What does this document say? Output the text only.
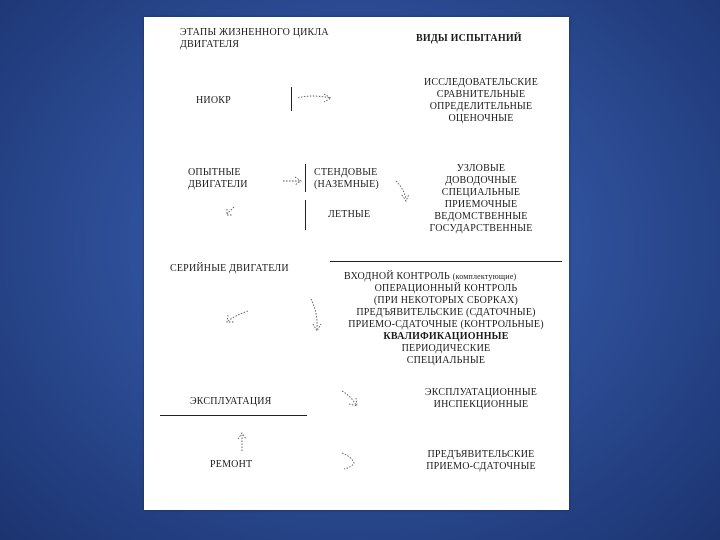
ЭТАПЫ ЖИЗНЕННОГО ЦИКЛА
ДВИГАТЕЛЯ
ВИДЫ ИСПЫТАНИЙ
НИОКР
ИССЛЕДОВАТЕЛЬСКИЕ
СРАВНИТЕЛЬНЫЕ
ОПРЕДЕЛИТЕЛЬНЫЕ
ОЦЕНОЧНЫЕ
ОПЫТНЫЕ
ДВИГАТЕЛИ
СТЕНДОВЫЕ
(НАЗЕМНЫЕ)
ЛЕТНЫЕ
УЗЛОВЫЕ
ДОВОДОЧНЫЕ
СПЕЦИАЛЬНЫЕ
ПРИЕМОЧНЫЕ
ВЕДОМСТВЕННЫЕ
ГОСУДАРСТВЕННЫЕ
СЕРИЙНЫЕ ДВИГАТЕЛИ
ВХОДНОЙ КОНТРОЛЬ (комплектующие)
ОПЕРАЦИОННЫЙ КОНТРОЛЬ
(ПРИ НЕКОТОРЫХ СБОРКАХ)
ПРЕДЪЯВИТЕЛЬСКИЕ (СДАТОЧНЫЕ)
ПРИЕМО-СДАТОЧНЫЕ (КОНТРОЛЬНЫЕ)
КВАЛИФИКАЦИОННЫЕ
ПЕРИОДИЧЕСКИЕ
СПЕЦИАЛЬНЫЕ
ЭКСПЛУАТАЦИЯ
ЭКСПЛУАТАЦИОННЫЕ
ИНСПЕКЦИОННЫЕ
РЕМОНТ
ПРЕДЪЯВИТЕЛЬСКИЕ
ПРИЕМО-СДАТОЧНЫЕ
